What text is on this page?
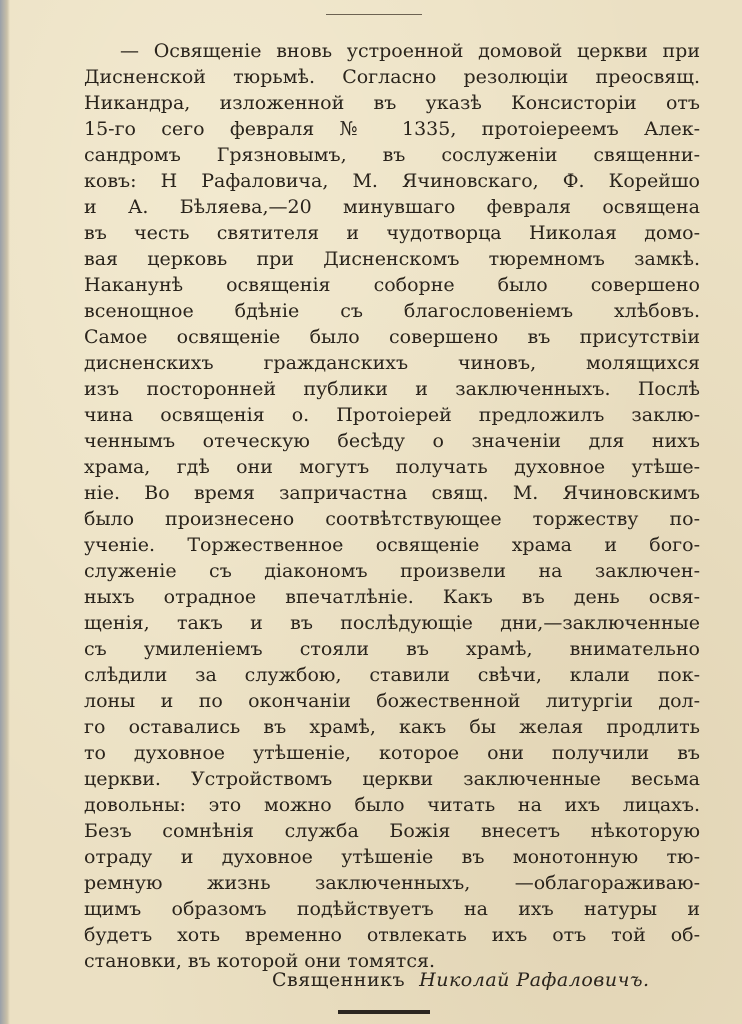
— Освященіе вновь устроенной домовой церкви при
Дисненской тюрьмѣ. Согласно резолюціи преосвящ.
Никандра, изложенной въ указѣ Консисторіи отъ
15-го сего февраля № 1335, протоіереемъ Алек-
сандромъ Грязновымъ, въ сослуженіи священни-
ковъ: Н Рафаловича, М. Ячиновскаго, Ф. Корейшо
и А. Бѣляева,—20 минувшаго февраля освящена
въ честь святителя и чудотворца Николая домо-
вая церковь при Дисненскомъ тюремномъ замкѣ.
Наканунѣ освященія соборне было совершено
всенощное бдѣніе съ благословеніемъ хлѣбовъ.
Самое освященіе было совершено въ присутствіи
дисненскихъ гражданскихъ чиновъ, молящихся
изъ посторонней публики и заключенныхъ. Послѣ
чина освященія о. Протоіерей предложилъ заклю-
ченнымъ отеческую бесѣду о значеніи для нихъ
храма, гдѣ они могутъ получать духовное утѣше-
ніе. Во время запричастна свящ. М. Ячиновскимъ
было произнесено соотвѣтствующее торжеству по-
ученіе. Торжественное освященіе храма и бого-
служеніе съ діакономъ произвели на заключен-
ныхъ отрадное впечатлѣніе. Какъ въ день освя-
щенія, такъ и въ послѣдующіе дни,—заключенные
съ умиленіемъ стояли въ храмѣ, внимательно
слѣдили за службою, ставили свѣчи, клали пок-
лоны и по окончаніи божественной литургіи дол-
го оставались въ храмѣ, какъ бы желая продлить
то духовное утѣшеніе, которое они получили въ
церкви. Устройствомъ церкви заключенные весьма
довольны: это можно было читать на ихъ лицахъ.
Безъ сомнѣнія служба Божія внесетъ нѣкоторую
отраду и духовное утѣшеніе въ монотонную тю-
ремную жизнь заключенныхъ, —облагораживаю-
щимъ образомъ подѣйствуетъ на ихъ натуры и
будетъ хоть временно отвлекать ихъ отъ той об-
становки, въ которой они томятся.
Священникъ Николай Рафаловичъ.
